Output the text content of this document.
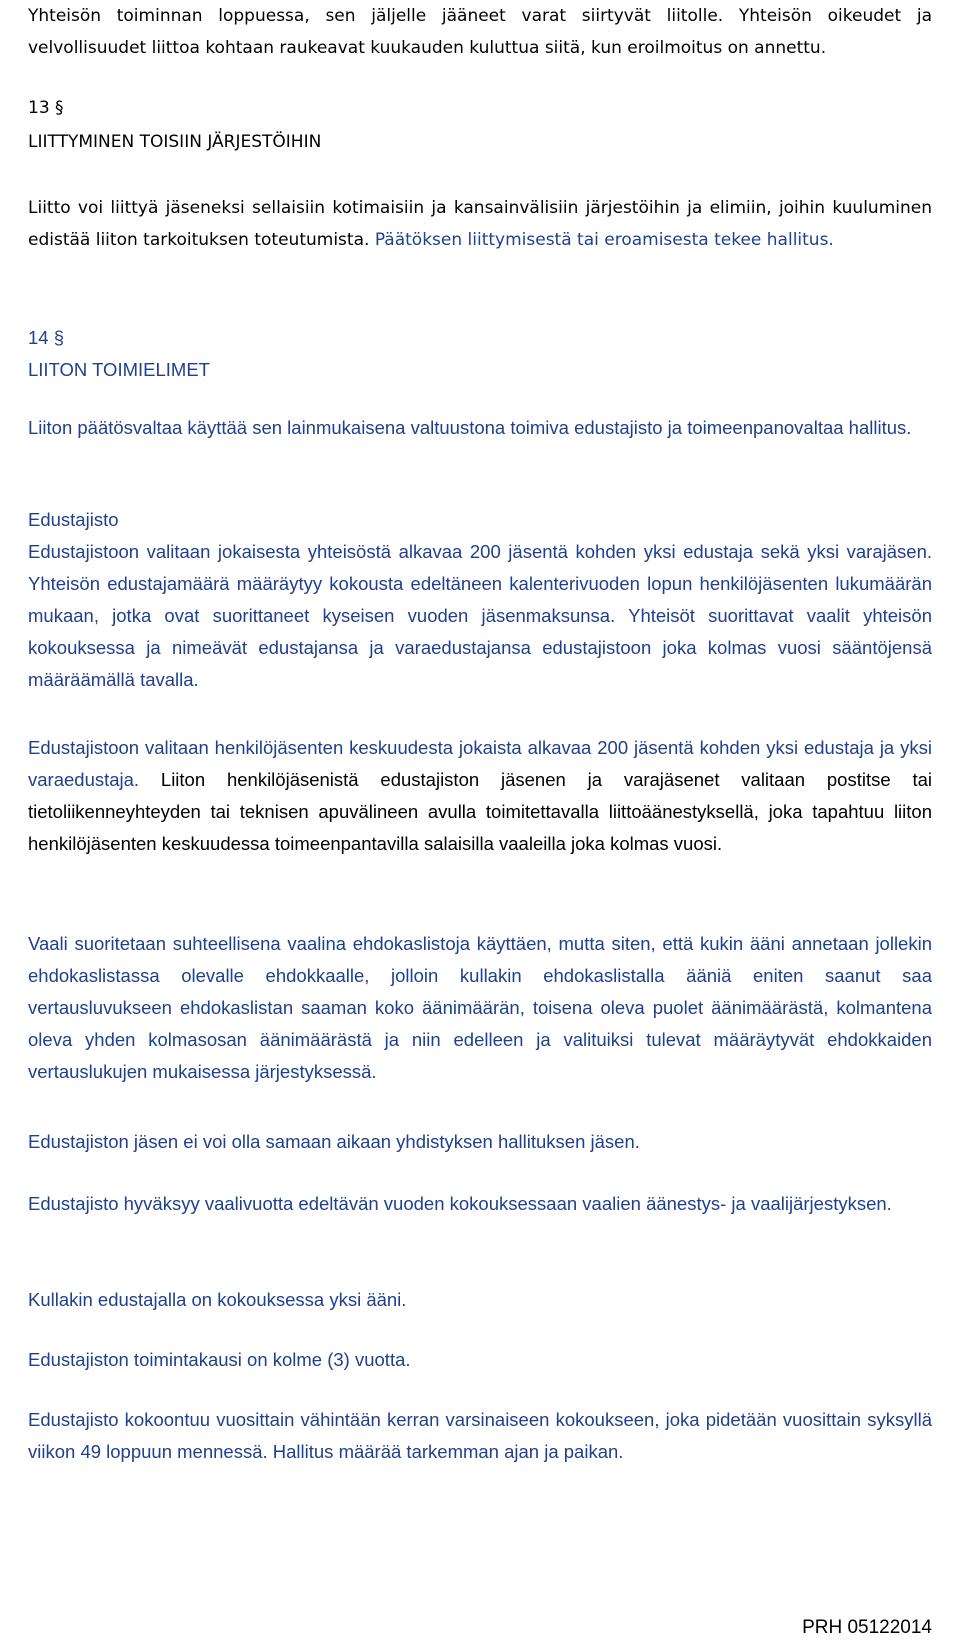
Yhteisön toiminnan loppuessa, sen jäljelle jääneet varat siirtyvät liitolle. Yhteisön oikeudet ja velvollisuudet liittoa kohtaan raukeavat kuukauden kuluttua siitä, kun eroilmoitus on annettu.

13 §
LIITTYMINEN TOISIIN JÄRJESTÖIHIN

Liitto voi liittyä jäseneksi sellaisiin kotimaisiin ja kansainvälisiin järjestöihin ja elimiin, joihin kuuluminen edistää liiton tarkoituksen toteutumista. Päätöksen liittymisestä tai eroamisesta tekee hallitus.

14 §
LIITON TOIMIELIMET

Liiton päätösvaltaa käyttää sen lainmukaisena valtuustona toimiva edustajisto ja toimeenpanovaltaa hallitus.

Edustajisto

Edustajistoon valitaan jokaisesta yhteisöstä alkavaa 200 jäsentä kohden yksi edustaja sekä yksi varajäsen. Yhteisön edustajamäärä määräytyy kokousta edeltäneen kalenterivuoden lopun henkilöjäsenten lukumäärän mukaan, jotka ovat suorittaneet kyseisen vuoden jäsenmaksunsa. Yhteisöt suorittavat vaalit yhteisön kokouksessa ja nimeävät edustajansa ja varaedustajansa edustajistoon joka kolmas vuosi sääntöjensä määräämällä tavalla.

Edustajistoon valitaan henkilöjäsenten keskuudesta jokaista alkavaa 200 jäsentä kohden yksi edustaja ja yksi varaedustaja. Liiton henkilöjäsenistä edustajiston jäsenen ja varajäsenet valitaan postitse tai tietoliikenneyhteyden tai teknisen apuvälineen avulla toimitettavalla liittoäänestyksellä, joka tapahtuu liiton henkilöjäsenten keskuudessa toimeenpantavilla salaisilla vaaleilla joka kolmas vuosi.

Vaali suoritetaan suhteellisena vaalina ehdokaslistoja käyttäen, mutta siten, että kukin ääni annetaan jollekin ehdokaslistassa olevalle ehdokkaalle, jolloin kullakin ehdokaslistalla ääniä eniten saanut saa vertausluvukseen ehdokaslistan saaman koko äänimäärän, toisena oleva puolet äänimäärästä, kolmantena oleva yhden kolmasosan äänimäärästä ja niin edelleen ja valituiksi tulevat määräytyvät ehdokkaiden vertauslukujen mukaisessa järjestyksessä.

Edustajiston jäsen ei voi olla samaan aikaan yhdistyksen hallituksen jäsen.

Edustajisto hyväksyy vaalivuotta edeltävän vuoden kokouksessaan vaalien äänestys- ja vaalijärjestyksen.

Kullakin edustajalla on kokouksessa yksi ääni.

Edustajiston toimintakausi on kolme (3) vuotta.

Edustajisto kokoontuu vuosittain vähintään kerran varsinaiseen kokoukseen, joka pidetään vuosittain syksyllä viikon 49 loppuun mennessä. Hallitus määrää tarkemman ajan ja paikan.

PRH 05122014
